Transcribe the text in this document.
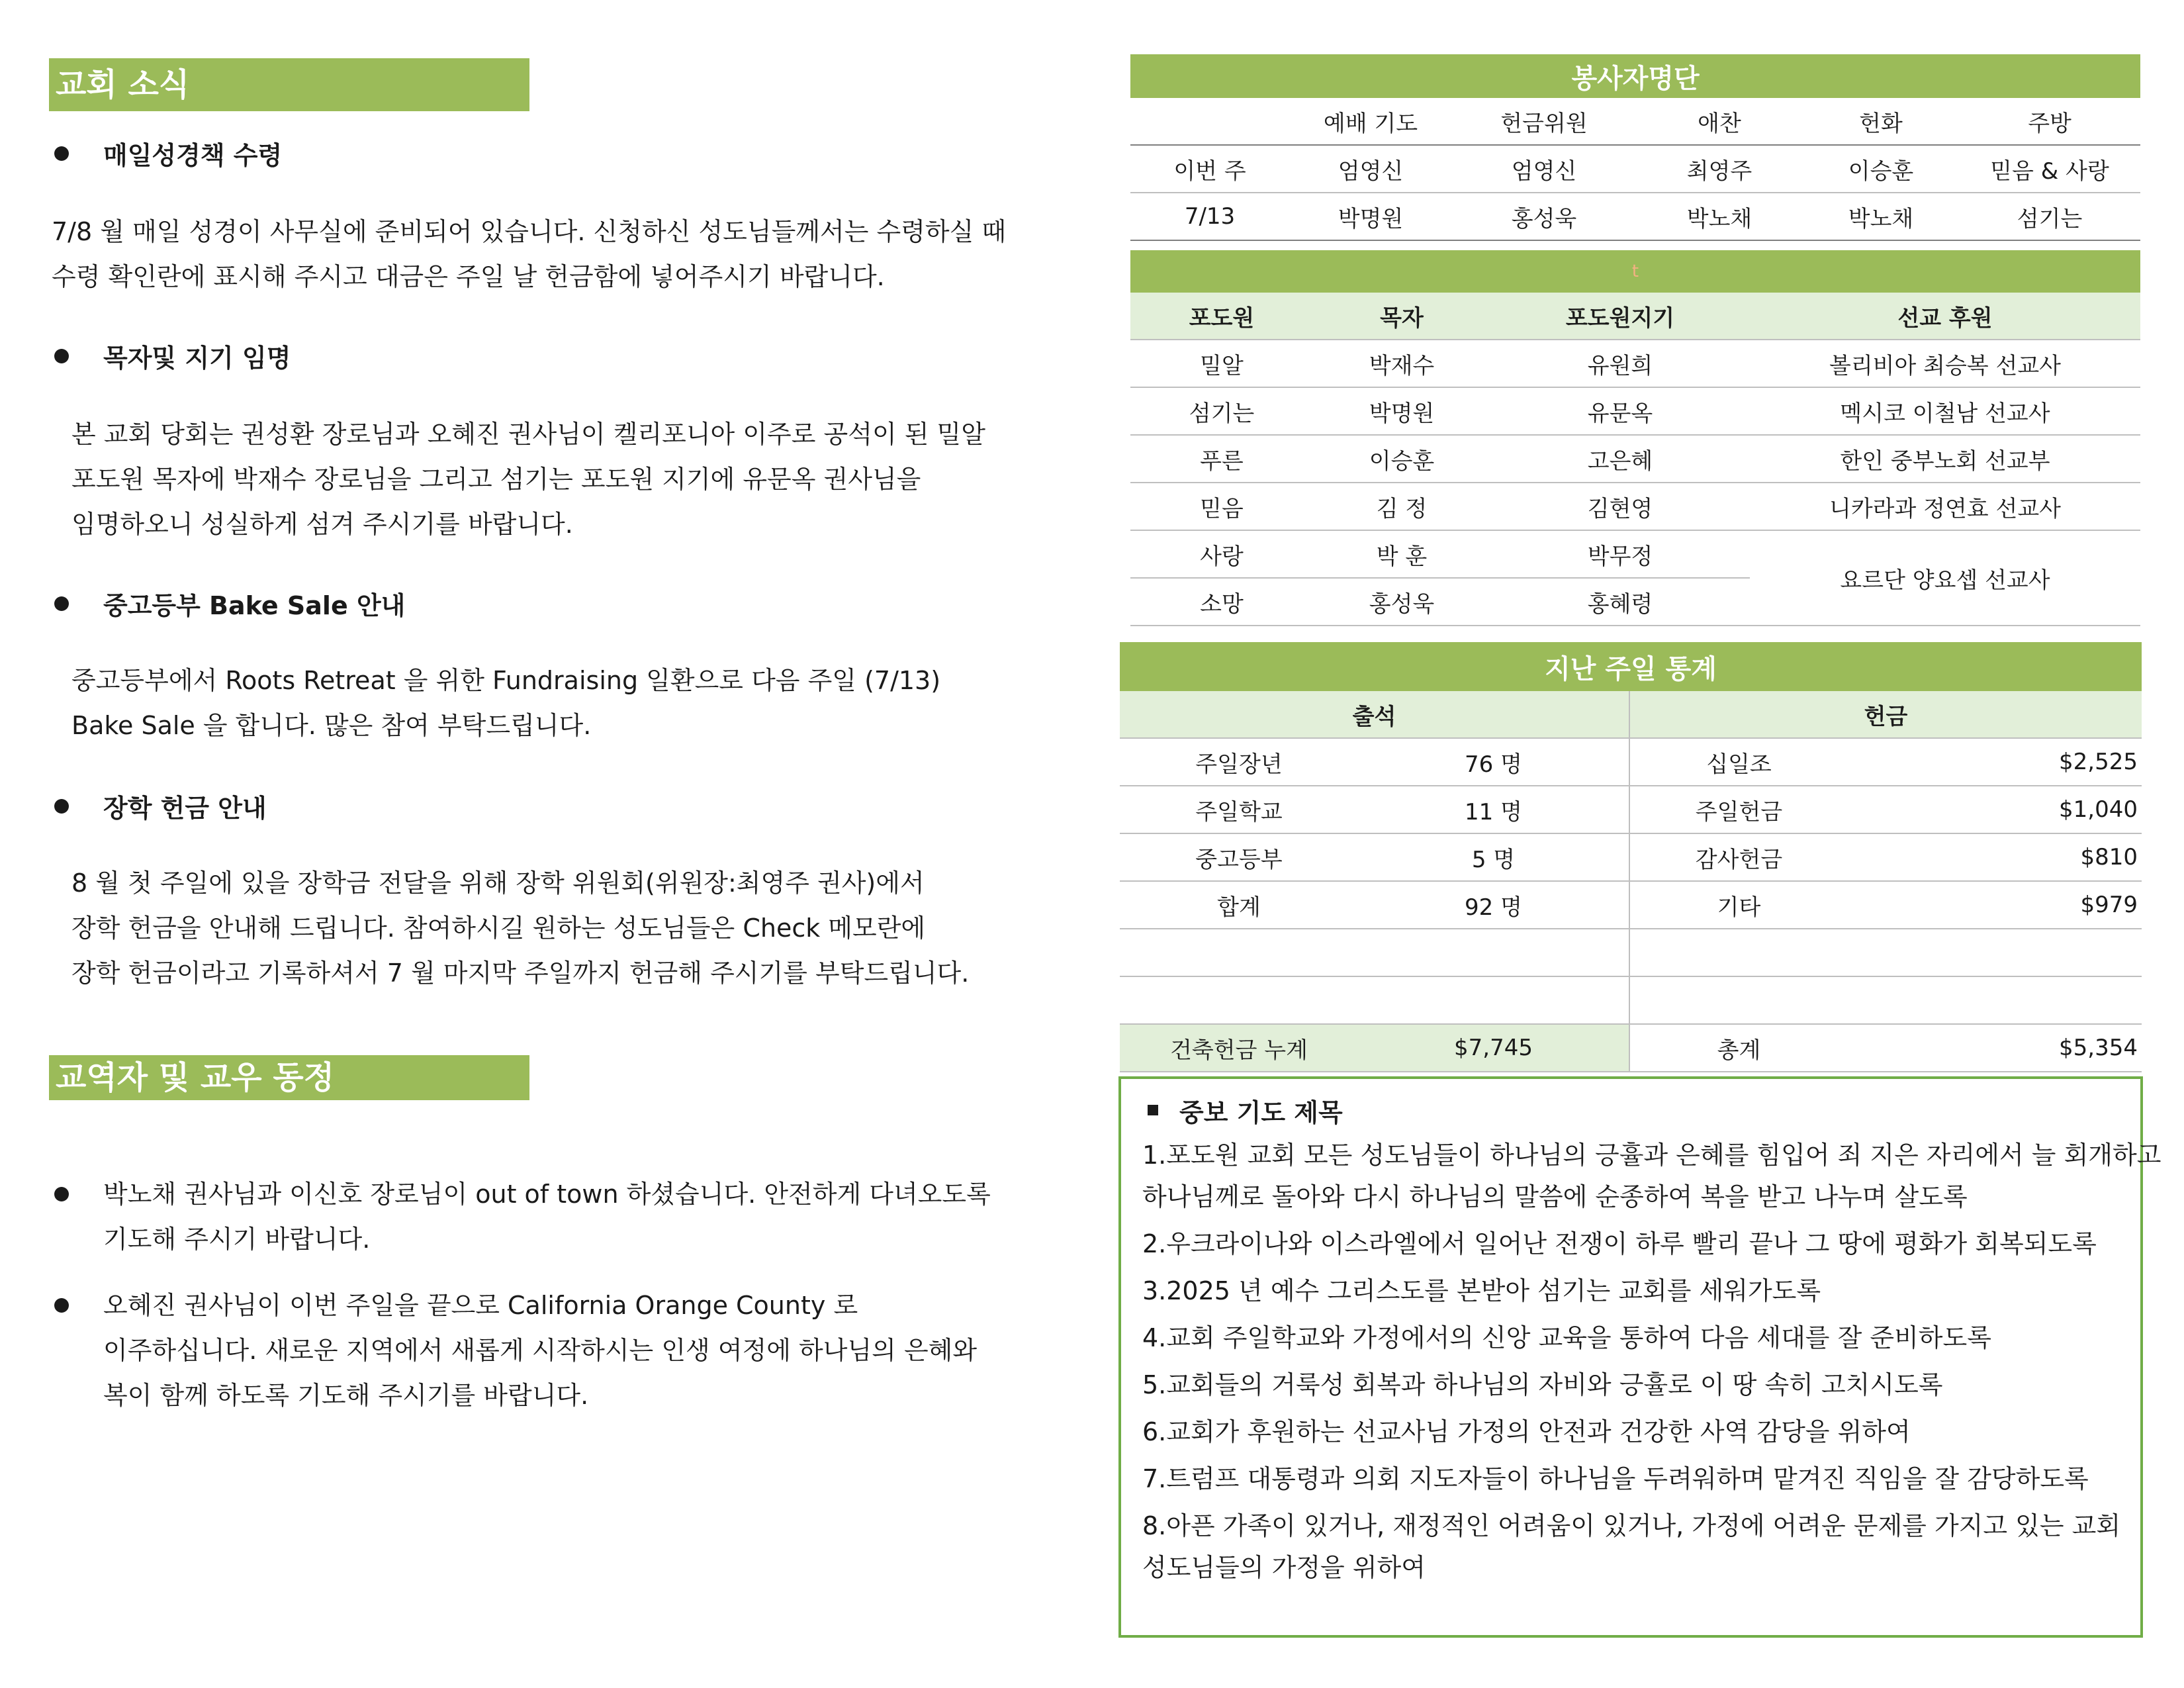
교회 소식
매일성경책 수령
7/8 월 매일 성경이 사무실에 준비되어 있습니다. 신청하신 성도님들께서는 수령하실 때
수령 확인란에 표시해 주시고 대금은 주일 날 헌금함에 넣어주시기 바랍니다.
목자및 지기 임명
본 교회 당회는 권성환 장로님과 오혜진 권사님이 켈리포니아 이주로 공석이 된 밀알
포도원 목자에 박재수 장로님을 그리고 섬기는 포도원 지기에 유문옥 권사님을
임명하오니 성실하게 섬겨 주시기를 바랍니다.
중고등부 Bake Sale 안내
중고등부에서 Roots Retreat 을 위한 Fundraising 일환으로 다음 주일 (7/13)
Bake Sale 을 합니다. 많은 참여 부탁드립니다.
장학 헌금 안내
8 월 첫 주일에 있을 장학금 전달을 위해 장학 위원회(위원장:최영주 권사)에서
장학 헌금을 안내해 드립니다. 참여하시길 원하는 성도님들은 Check 메모란에
장학 헌금이라고 기록하셔서 7 월 마지막 주일까지 헌금해 주시기를 부탁드립니다.
교역자 및 교우 동정
박노채 권사님과 이신호 장로님이 out of town 하셨습니다. 안전하게 다녀오도록
기도해 주시기 바랍니다.
오혜진 권사님이 이번 주일을 끝으로 California Orange County 로
이주하십니다. 새로운 지역에서 새롭게 시작하시는 인생 여정에 하나님의 은혜와
복이 함께 하도록 기도해 주시기를 바랍니다.
봉사자명단					
	예배 기도	헌금위원	애찬	헌화	주방
이번 주	엄영신	엄영신	최영주	이승훈	믿음 & 사랑
7/13	박명원	홍성욱	박노채	박노채	섬기는
t			
포도원	목자	포도원지기	선교 후원
밀알	박재수	유원희	볼리비아 최승복 선교사
섬기는	박명원	유문옥	멕시코 이철남 선교사
푸른	이승훈	고은혜	한인 중부노회 선교부
믿음	김 정	김현영	니카라과 정연효 선교사
사랑	박 훈	박무정	요르단 양요셉 선교사
소망	홍성욱	홍혜령	
지난 주일 통계			
출석		헌금	
주일장년	76 명	십일조	$2,525
주일학교	11 명	주일헌금	$1,040
중고등부	5 명	감사헌금	$810
합계	92 명	기타	$979

건축헌금 누계	$7,745	총계	$5,354
중보 기도 제목
1.포도원 교회 모든 성도님들이 하나님의 긍휼과 은혜를 힘입어 죄 지은 자리에서 늘 회개하고
하나님께로 돌아와 다시 하나님의 말씀에 순종하여 복을 받고 나누며 살도록
2.우크라이나와 이스라엘에서 일어난 전쟁이 하루 빨리 끝나 그 땅에 평화가 회복되도록
3.2025 년 예수 그리스도를 본받아 섬기는 교회를 세워가도록
4.교회 주일학교와 가정에서의 신앙 교육을 통하여 다음 세대를 잘 준비하도록
5.교회들의 거룩성 회복과 하나님의 자비와 긍휼로 이 땅 속히 고치시도록
6.교회가 후원하는 선교사님 가정의 안전과 건강한 사역 감당을 위하여
7.트럼프 대통령과 의회 지도자들이 하나님을 두려워하며 맡겨진 직임을 잘 감당하도록
8.아픈 가족이 있거나, 재정적인 어려움이 있거나, 가정에 어려운 문제를 가지고 있는 교회
성도님들의 가정을 위하여
